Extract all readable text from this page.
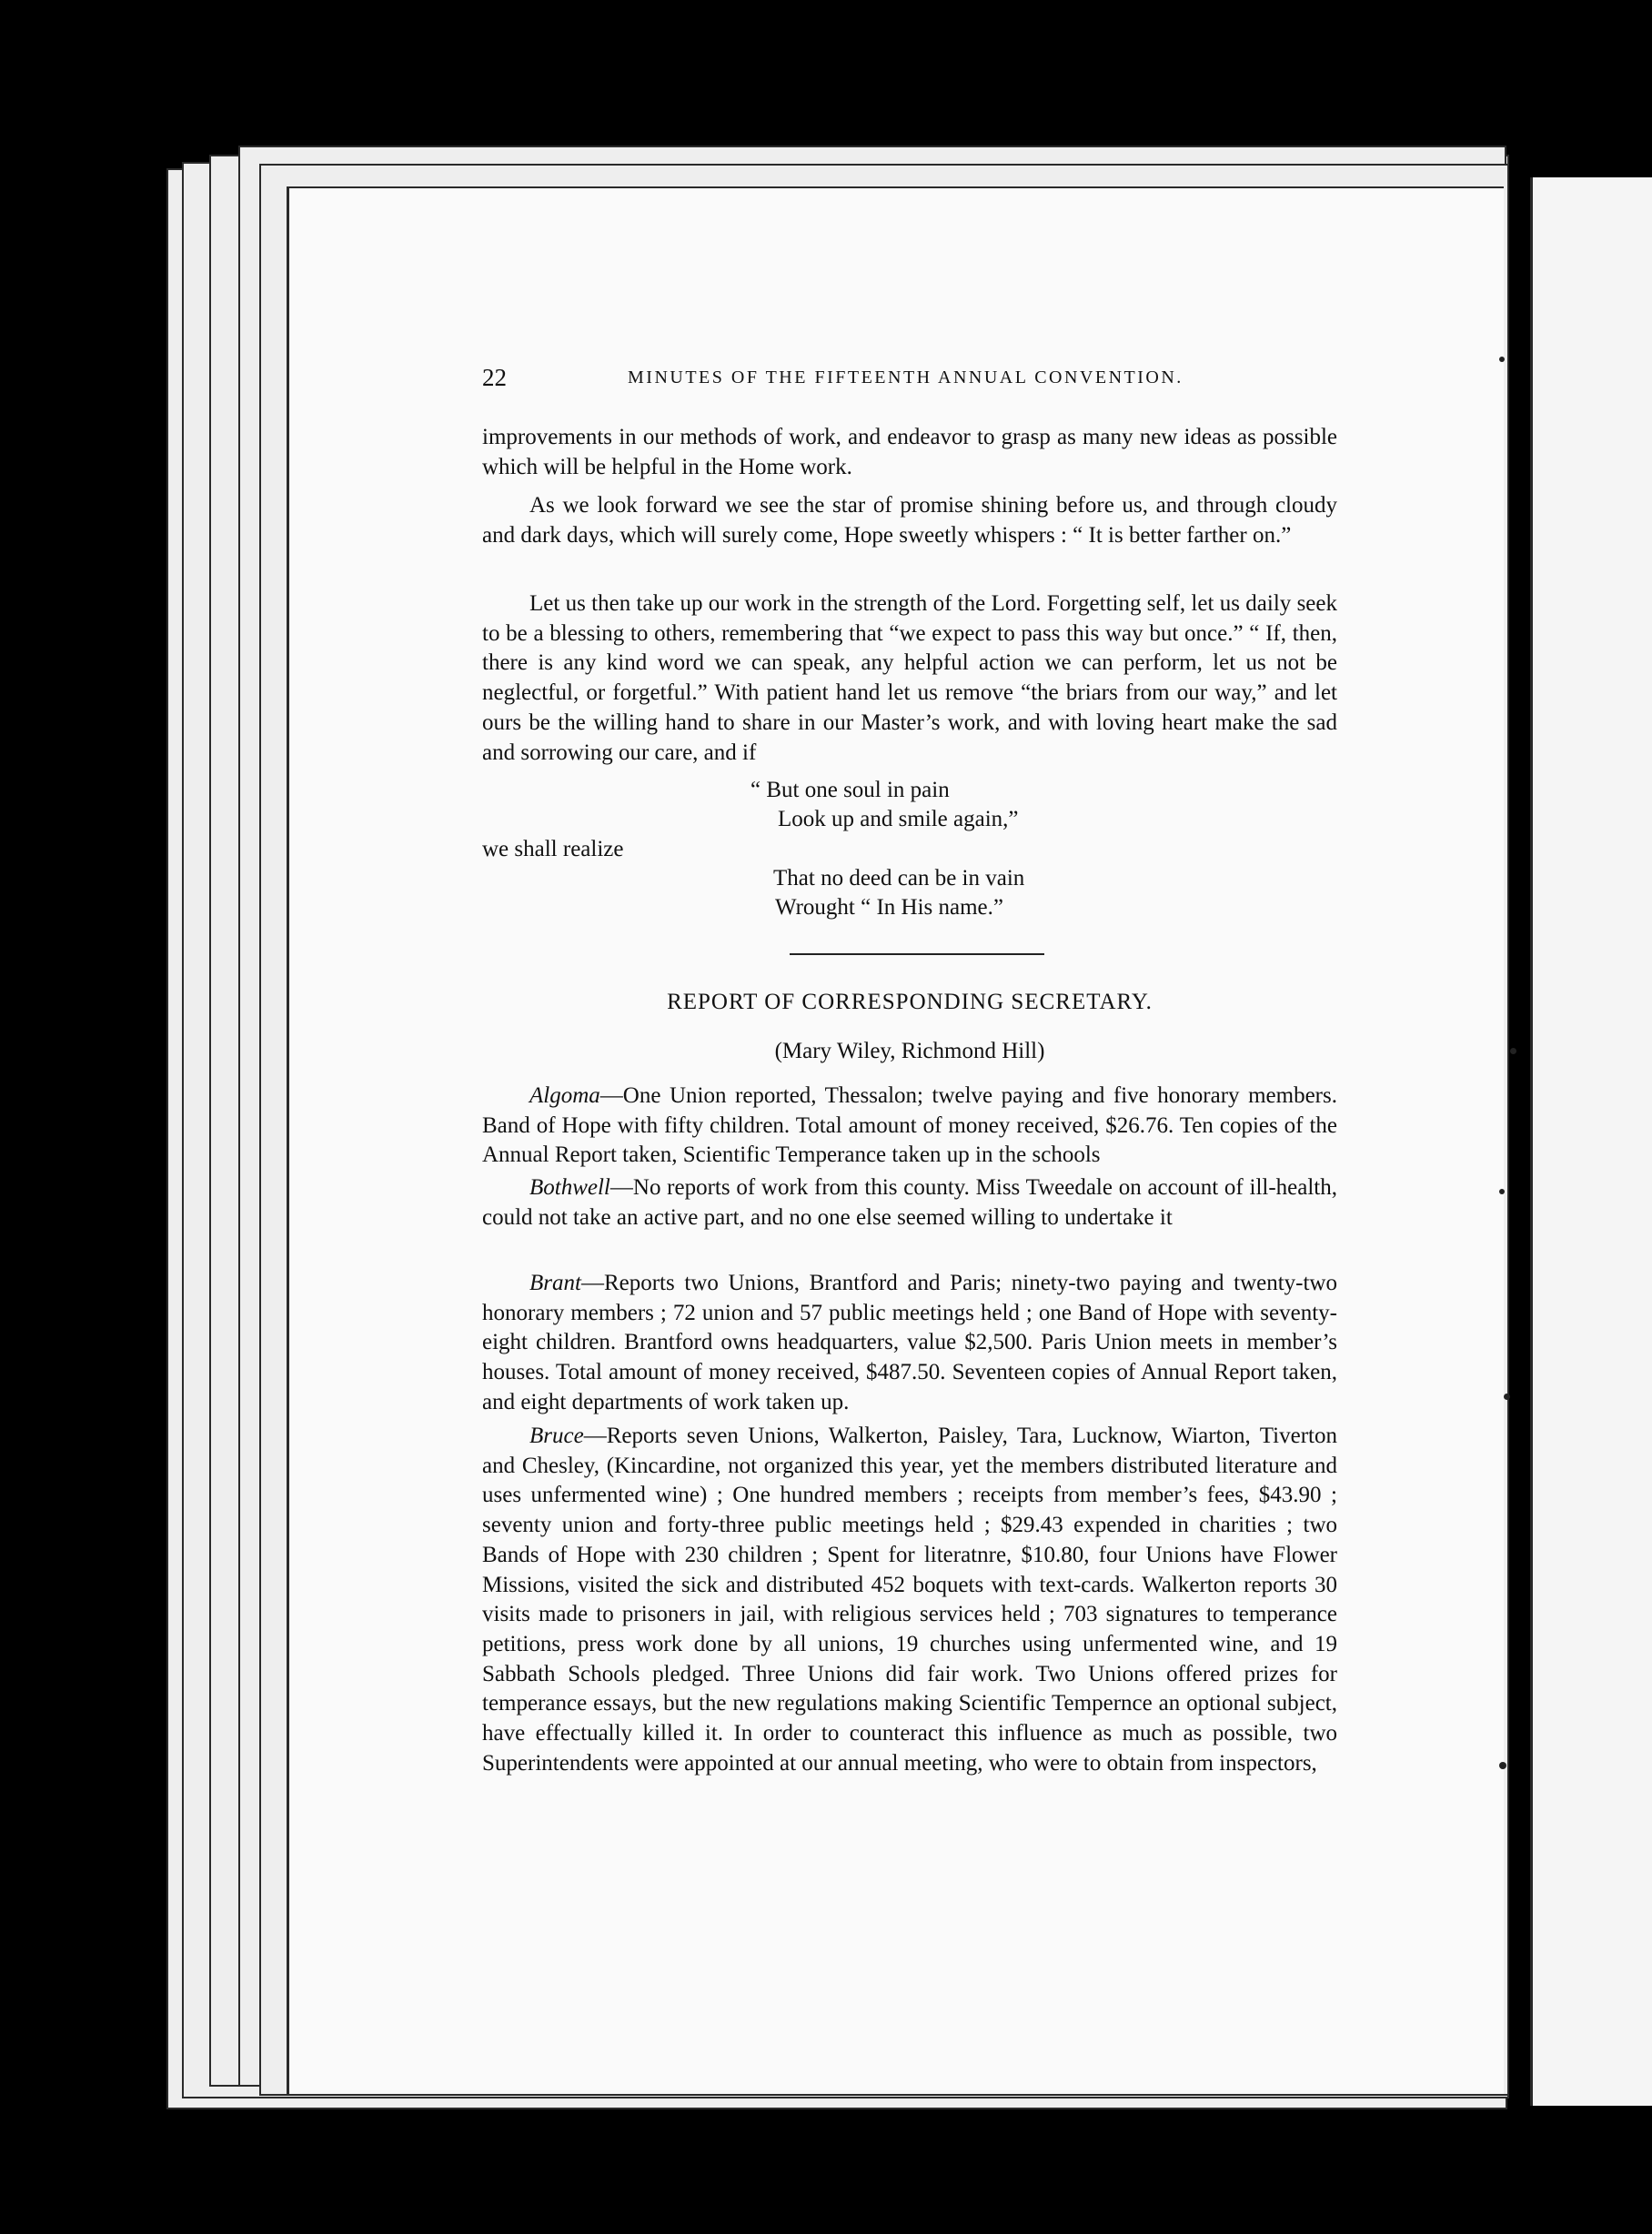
22	MINUTES OF THE FIFTEENTH ANNUAL CONVENTION.

improvements in our methods of work, and endeavor to grasp as many new ideas as possible which will be helpful in the Home work.

As we look forward we see the star of promise shining before us, and through cloudy and dark days, which will surely come, Hope sweetly whispers : “ It is better farther on.”

Let us then take up our work in the strength of the Lord. Forgetting self, let us daily seek to be a blessing to others, remembering that “we expect to pass this way but once.” “ If, then, there is any kind word we can speak, any helpful action we can perform, let us not be neglectful, or forgetful.” With patient hand let us remove “the briars from our way,” and let ours be the willing hand to share in our Master’s work, and with loving heart make the sad and sorrowing our care, and if

“ But one soul in pain
Look up and smile again,”
we shall realize
That no deed can be in vain
Wrought “ In His name.”
REPORT OF CORRESPONDING SECRETARY.
(Mary Wiley, Richmond Hill)

Algoma—One Union reported, Thessalon; twelve paying and five honorary members. Band of Hope with fifty children. Total amount of money received, $26.76. Ten copies of the Annual Report taken, Scientific Temperance taken up in the schools

Bothwell—No reports of work from this county. Miss Tweedale on account of ill-health, could not take an active part, and no one else seemed willing to undertake it

Brant—Reports two Unions, Brantford and Paris; ninety-two paying and twenty-two honorary members ; 72 union and 57 public meetings held ; one Band of Hope with seventy-eight children. Brantford owns headquarters, value $2,500. Paris Union meets in member’s houses. Total amount of money received, $487.50. Seventeen copies of Annual Report taken, and eight departments of work taken up.

Bruce—Reports seven Unions, Walkerton, Paisley, Tara, Lucknow, Wiarton, Tiverton and Chesley, (Kincardine, not organized this year, yet the members distributed literature and uses unfermented wine) ; One hundred members ; receipts from member’s fees, $43.90 ; seventy union and forty-three public meetings held ; $29.43 expended in charities ; two Bands of Hope with 230 children ; Spent for literatnre, $10.80, four Unions have Flower Missions, visited the sick and distributed 452 boquets with text-cards. Walkerton reports 30 visits made to prisoners in jail, with religious services held ; 703 signatures to temperance petitions, press work done by all unions, 19 churches using unfermented wine, and 19 Sabbath Schools pledged. Three Unions did fair work. Two Unions offered prizes for temperance essays, but the new regulations making Scientific Tempernce an optional subject, have effectually killed it. In order to counteract this influence as much as possible, two Superintendents were appointed at our annual meeting, who were to obtain from inspectors,
